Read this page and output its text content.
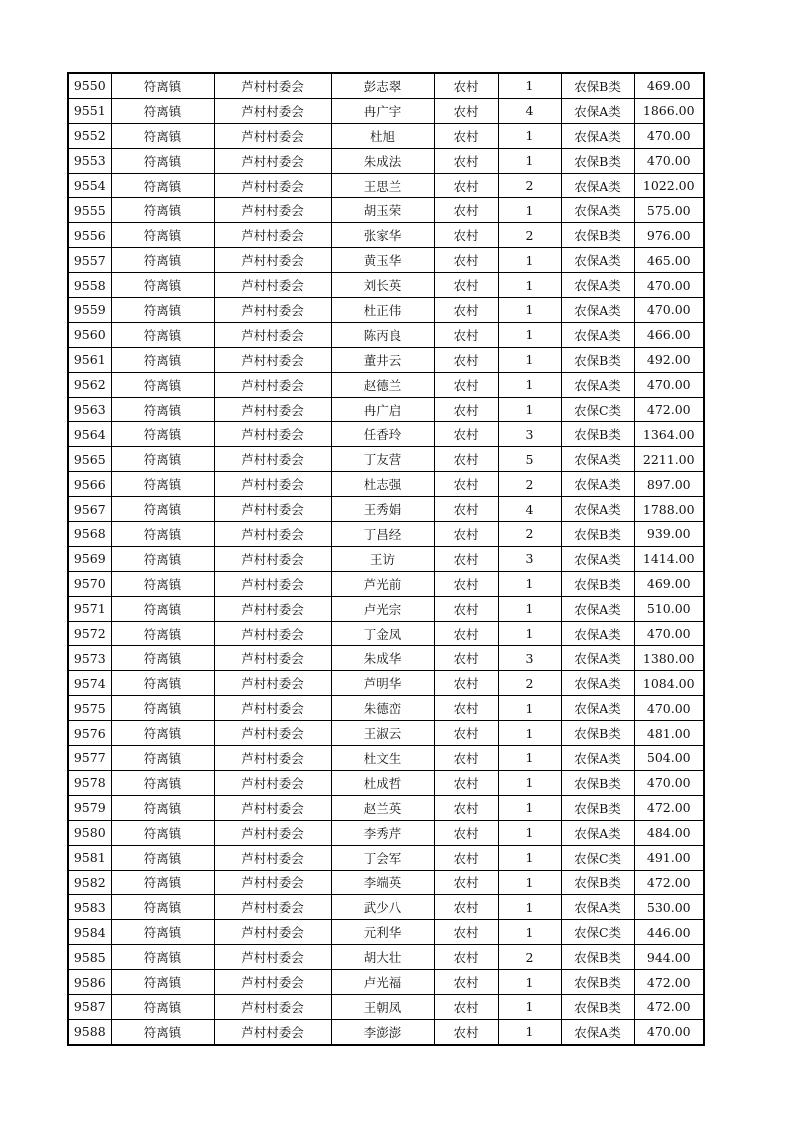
9550	符离镇	芦村村委会	彭志翠	农村	1	农保B类	469.00
9551	符离镇	芦村村委会	冉广宇	农村	4	农保A类	1866.00
9552	符离镇	芦村村委会	杜旭	农村	1	农保A类	470.00
9553	符离镇	芦村村委会	朱成法	农村	1	农保B类	470.00
9554	符离镇	芦村村委会	王思兰	农村	2	农保A类	1022.00
9555	符离镇	芦村村委会	胡玉荣	农村	1	农保A类	575.00
9556	符离镇	芦村村委会	张家华	农村	2	农保B类	976.00
9557	符离镇	芦村村委会	黄玉华	农村	1	农保A类	465.00
9558	符离镇	芦村村委会	刘长英	农村	1	农保A类	470.00
9559	符离镇	芦村村委会	杜正伟	农村	1	农保A类	470.00
9560	符离镇	芦村村委会	陈丙良	农村	1	农保A类	466.00
9561	符离镇	芦村村委会	董井云	农村	1	农保B类	492.00
9562	符离镇	芦村村委会	赵德兰	农村	1	农保A类	470.00
9563	符离镇	芦村村委会	冉广启	农村	1	农保C类	472.00
9564	符离镇	芦村村委会	任香玲	农村	3	农保B类	1364.00
9565	符离镇	芦村村委会	丁友营	农村	5	农保A类	2211.00
9566	符离镇	芦村村委会	杜志强	农村	2	农保A类	897.00
9567	符离镇	芦村村委会	王秀娟	农村	4	农保A类	1788.00
9568	符离镇	芦村村委会	丁昌经	农村	2	农保B类	939.00
9569	符离镇	芦村村委会	王访	农村	3	农保A类	1414.00
9570	符离镇	芦村村委会	芦光前	农村	1	农保B类	469.00
9571	符离镇	芦村村委会	卢光宗	农村	1	农保A类	510.00
9572	符离镇	芦村村委会	丁金凤	农村	1	农保A类	470.00
9573	符离镇	芦村村委会	朱成华	农村	3	农保A类	1380.00
9574	符离镇	芦村村委会	芦明华	农村	2	农保A类	1084.00
9575	符离镇	芦村村委会	朱德峦	农村	1	农保A类	470.00
9576	符离镇	芦村村委会	王淑云	农村	1	农保B类	481.00
9577	符离镇	芦村村委会	杜文生	农村	1	农保A类	504.00
9578	符离镇	芦村村委会	杜成哲	农村	1	农保B类	470.00
9579	符离镇	芦村村委会	赵兰英	农村	1	农保B类	472.00
9580	符离镇	芦村村委会	李秀芹	农村	1	农保A类	484.00
9581	符离镇	芦村村委会	丁会军	农村	1	农保C类	491.00
9582	符离镇	芦村村委会	李端英	农村	1	农保B类	472.00
9583	符离镇	芦村村委会	武少八	农村	1	农保A类	530.00
9584	符离镇	芦村村委会	元利华	农村	1	农保C类	446.00
9585	符离镇	芦村村委会	胡大壮	农村	2	农保B类	944.00
9586	符离镇	芦村村委会	卢光福	农村	1	农保B类	472.00
9587	符离镇	芦村村委会	王朝凤	农村	1	农保B类	472.00
9588	符离镇	芦村村委会	李澎澎	农村	1	农保A类	470.00
